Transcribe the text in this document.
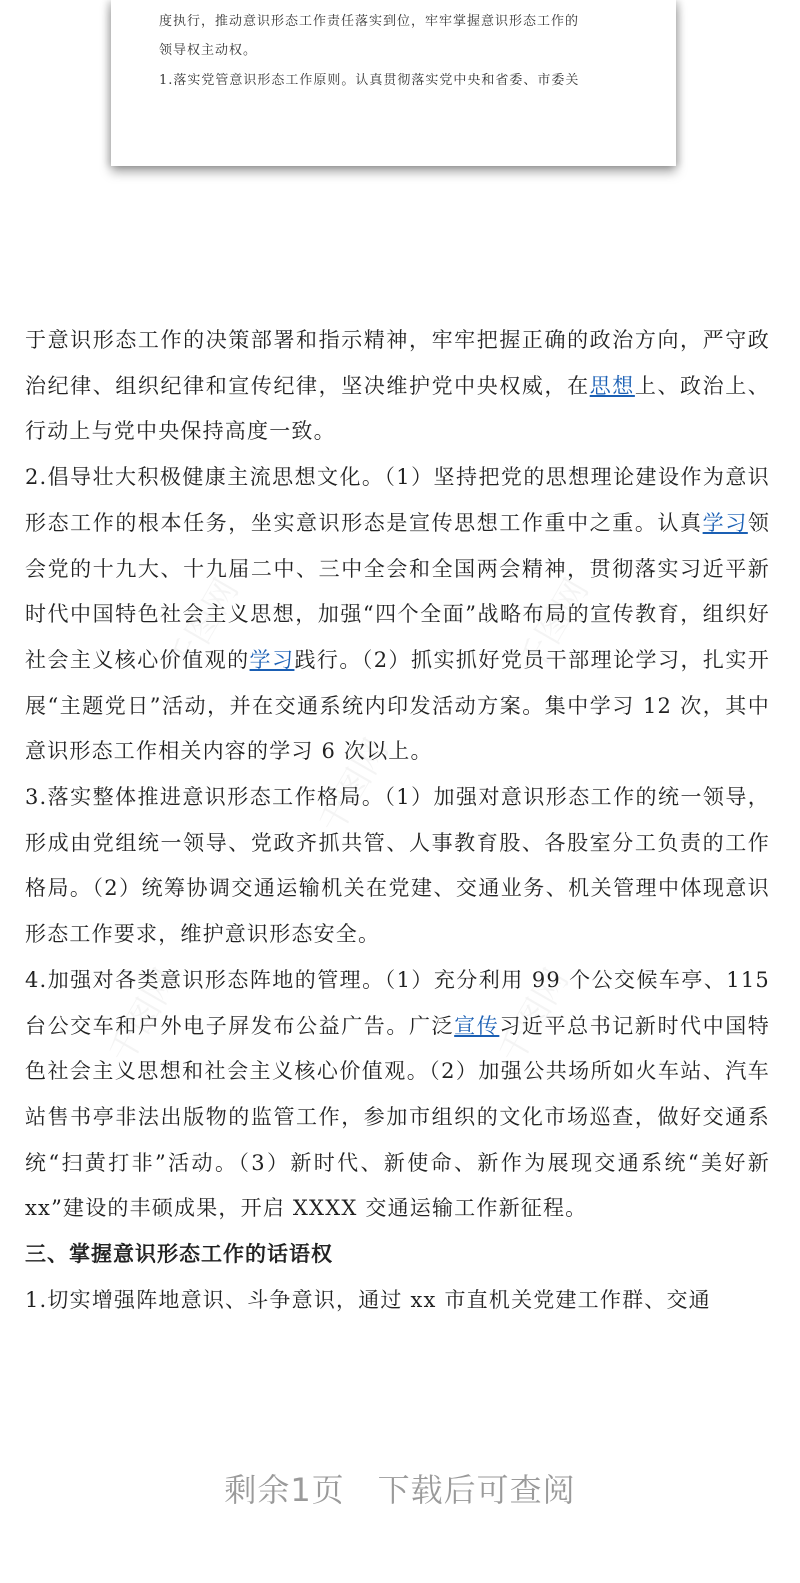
度执行，推动意识形态工作责任落实到位，牢牢掌握意识形态工作的
领导权主动权。
1.落实党管意识形态工作原则。认真贯彻落实党中央和省委、市委关

于意识形态工作的决策部署和指示精神，牢牢把握正确的政治方向，严守政治纪律、组织纪律和宣传纪律，坚决维护党中央权威，在思想上、政治上、行动上与党中央保持高度一致。

2.倡导壮大积极健康主流思想文化。（1）坚持把党的思想理论建设作为意识形态工作的根本任务，坐实意识形态是宣传思想工作重中之重。认真学习领会党的十九大、十九届二中、三中全会和全国两会精神，贯彻落实习近平新时代中国特色社会主义思想，加强“四个全面”战略布局的宣传教育，组织好社会主义核心价值观的学习践行。（2）抓实抓好党员干部理论学习，扎实开展“主题党日”活动，并在交通系统内印发活动方案。集中学习 12 次，其中意识形态工作相关内容的学习 6 次以上。

3.落实整体推进意识形态工作格局。（1）加强对意识形态工作的统一领导，形成由党组统一领导、党政齐抓共管、人事教育股、各股室分工负责的工作格局。（2）统筹协调交通运输机关在党建、交通业务、机关管理中体现意识形态工作要求，维护意识形态安全。

4.加强对各类意识形态阵地的管理。（1）充分利用 99 个公交候车亭、115 台公交车和户外电子屏发布公益广告。广泛宣传习近平总书记新时代中国特色社会主义思想和社会主义核心价值观。（2）加强公共场所如火车站、汽车站售书亭非法出版物的监管工作，参加市组织的文化市场巡查，做好交通系统“扫黄打非”活动。（3）新时代、新使命、新作为展现交通系统“美好新 xx”建设的丰硕成果，开启 XXXX 交通运输工作新征程。

三、掌握意识形态工作的话语权

1.切实增强阵地意识、斗争意识，通过 xx 市直机关党建工作群、交通

剩余1页　下载后可查阅
